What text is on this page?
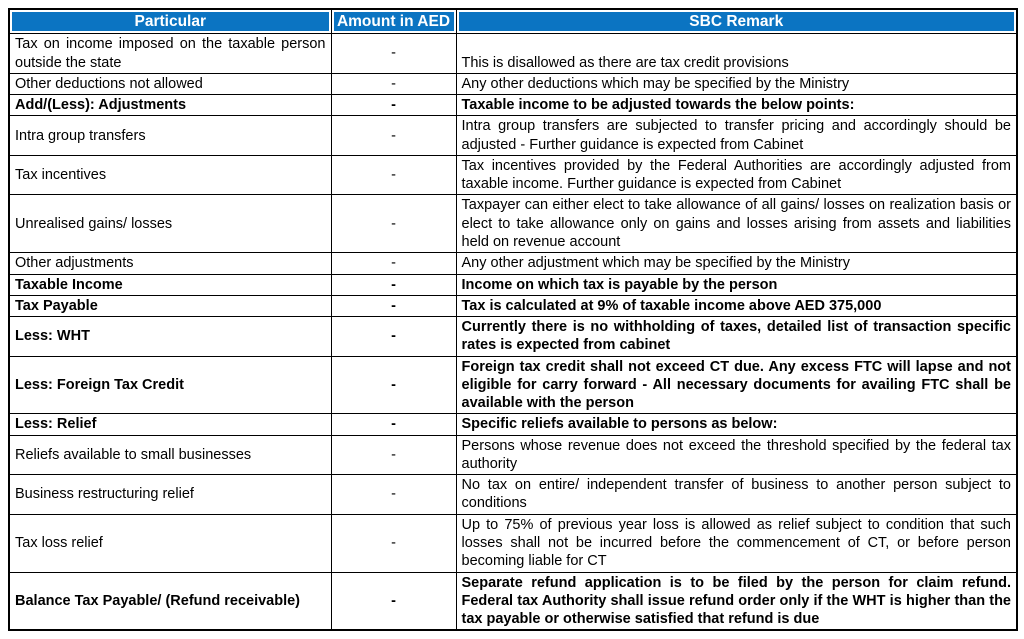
Particular	Amount in AED	SBC Remark
Tax on income imposed on the taxable person outside the state	-	This is disallowed as there are tax credit provisions
Other deductions not allowed	-	Any other deductions which may be specified by the Ministry
Add/(Less): Adjustments	-	Taxable income to be adjusted towards the below points:
Intra group transfers	-	Intra group transfers are subjected to transfer pricing and accordingly should be adjusted - Further guidance is expected from Cabinet
Tax incentives	-	Tax incentives provided by the Federal Authorities are accordingly adjusted from taxable income. Further guidance is expected from Cabinet
Unrealised gains/ losses	-	Taxpayer can either elect to take allowance of all gains/ losses on realization basis or elect to take allowance only on gains and losses arising from assets and liabilities held on revenue account
Other adjustments	-	Any other adjustment which may be specified by the Ministry
Taxable Income	-	Income on which tax is payable by the person
Tax Payable	-	Tax is calculated at 9% of taxable income above AED 375,000
Less: WHT	-	Currently there is no withholding of taxes, detailed list of transaction specific rates is expected from cabinet
Less: Foreign Tax Credit	-	Foreign tax credit shall not exceed CT due. Any excess FTC will lapse and not eligible for carry forward - All necessary documents for availing FTC shall be available with the person
Less: Relief	-	Specific reliefs available to persons as below:
Reliefs available to small businesses	-	Persons whose revenue does not exceed the threshold specified by the federal tax authority
Business restructuring relief	-	No tax on entire/ independent transfer of business to another person subject to conditions
Tax loss relief	-	Up to 75% of previous year loss is allowed as relief subject to condition that such losses shall not be incurred before the commencement of CT, or before person becoming liable for CT
Balance Tax Payable/ (Refund receivable)	-	Separate refund application is to be filed by the person for claim refund. Federal tax Authority shall issue refund order only if the WHT is higher than the tax payable or otherwise satisfied that refund is due
